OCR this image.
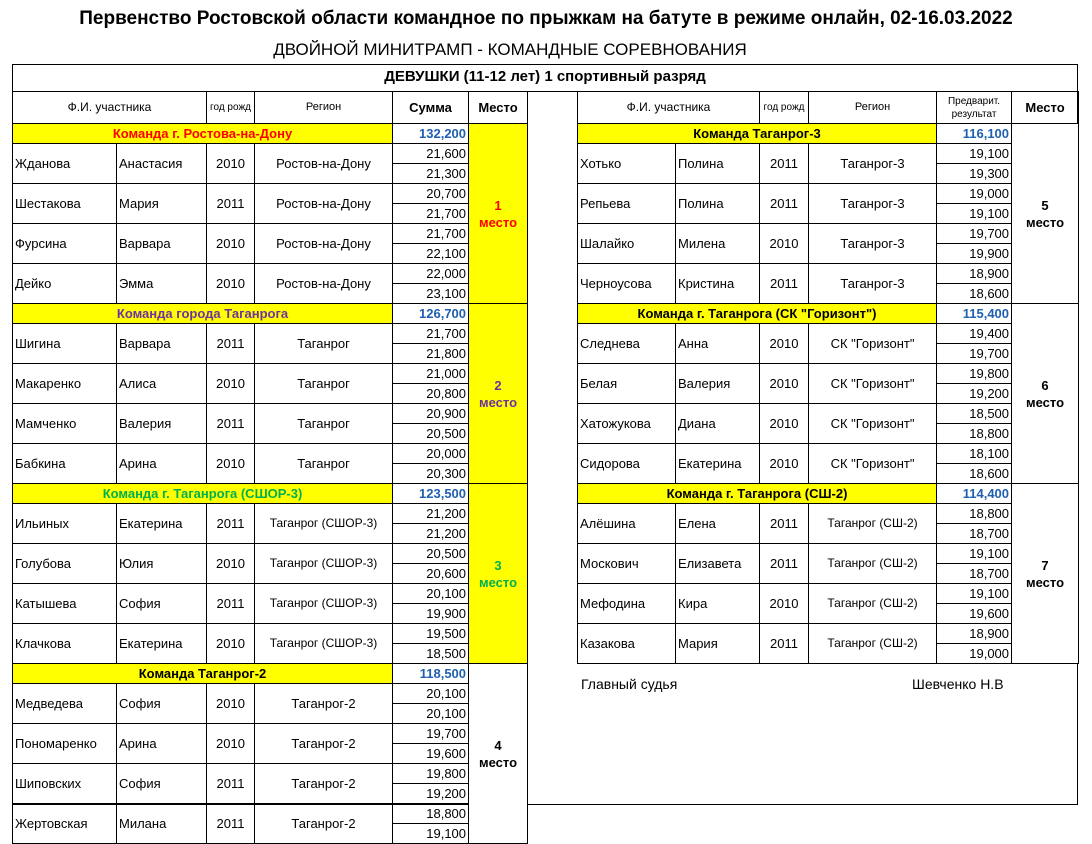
Первенство Ростовской области командное по прыжкам на батуте в режиме онлайн, 02-16.03.2022
ДВОЙНОЙ МИНИТРАМП - КОМАНДНЫЕ СОРЕВНОВАНИЯ
ДЕВУШКИ (11-12 лет) 1 спортивный разряд
Ф.И. участника		год рожд	Регион	Сумма	Место
Команда г. Ростова-на-Дону				132,200	1
место

Жданова	Анастасия	2010	Ростов-на-Дону	21,600	
				21,300	
Шестакова	Мария	2011	Ростов-на-Дону	20,700	
				21,700	
Фурсина	Варвара	2010	Ростов-на-Дону	21,700	
				22,100	
Дейко	Эмма	2010	Ростов-на-Дону	22,000	
				23,100	
Команда города Таганрога				126,700	2
место

Шигина	Варвара	2011	Таганрог	21,700	
				21,800	
Макаренко	Алиса	2010	Таганрог	21,000	
				20,800	
Мамченко	Валерия	2011	Таганрог	20,900	
				20,500	
Бабкина	Арина	2010	Таганрог	20,000	
				20,300	
Команда г. Таганрога (СШОР-3)				123,500	3
место

Ильиных	Екатерина	2011	Таганрог (СШОР-3)	21,200	
				21,200	
Голубова	Юлия	2010	Таганрог (СШОР-3)	20,500	
				20,600	
Катышева	София	2011	Таганрог (СШОР-3)	20,100	
				19,900	
Клачкова	Екатерина	2010	Таганрог (СШОР-3)	19,500	
				18,500	
Команда Таганрог-2				118,500	4
место

Медведева	София	2010	Таганрог-2	20,100	
				20,100	
Пономаренко	Арина	2010	Таганрог-2	19,700	
				19,600	
Шиповских	София	2011	Таганрог-2	19,800	
				19,200	
Жертовская	Милана	2011	Таганрог-2	18,800	
				19,100	
Ф.И. участника		год рожд	Регион	Предварит. результат	Место
Команда Таганрог-3				116,100	5
место

Хотько	Полина	2011	Таганрог-3	19,100	
				19,300	
Репьева	Полина	2011	Таганрог-3	19,000	
				19,100	
Шалайко	Милена	2010	Таганрог-3	19,700	
				19,900	
Черноусова	Кристина	2011	Таганрог-3	18,900	
				18,600	
Команда г. Таганрога (СК "Горизонт")				115,400	6
место

Следнева	Анна	2010	СК "Горизонт"	19,400	
				19,700	
Белая	Валерия	2010	СК "Горизонт"	19,800	
				19,200	
Хатожукова	Диана	2010	СК "Горизонт"	18,500	
				18,800	
Сидорова	Екатерина	2010	СК "Горизонт"	18,100	
				18,600	
Команда г. Таганрога (СШ-2)				114,400	7
место

Алёшина	Елена	2011	Таганрог (СШ-2)	18,800	
				18,700	
Москович	Елизавета	2011	Таганрог (СШ-2)	19,100	
				18,700	
Мефодина	Кира	2010	Таганрог (СШ-2)	19,100	
				19,600	
Казакова	Мария	2011	Таганрог (СШ-2)	18,900	
				19,000	
Главный судья	Шевченко Н.В
